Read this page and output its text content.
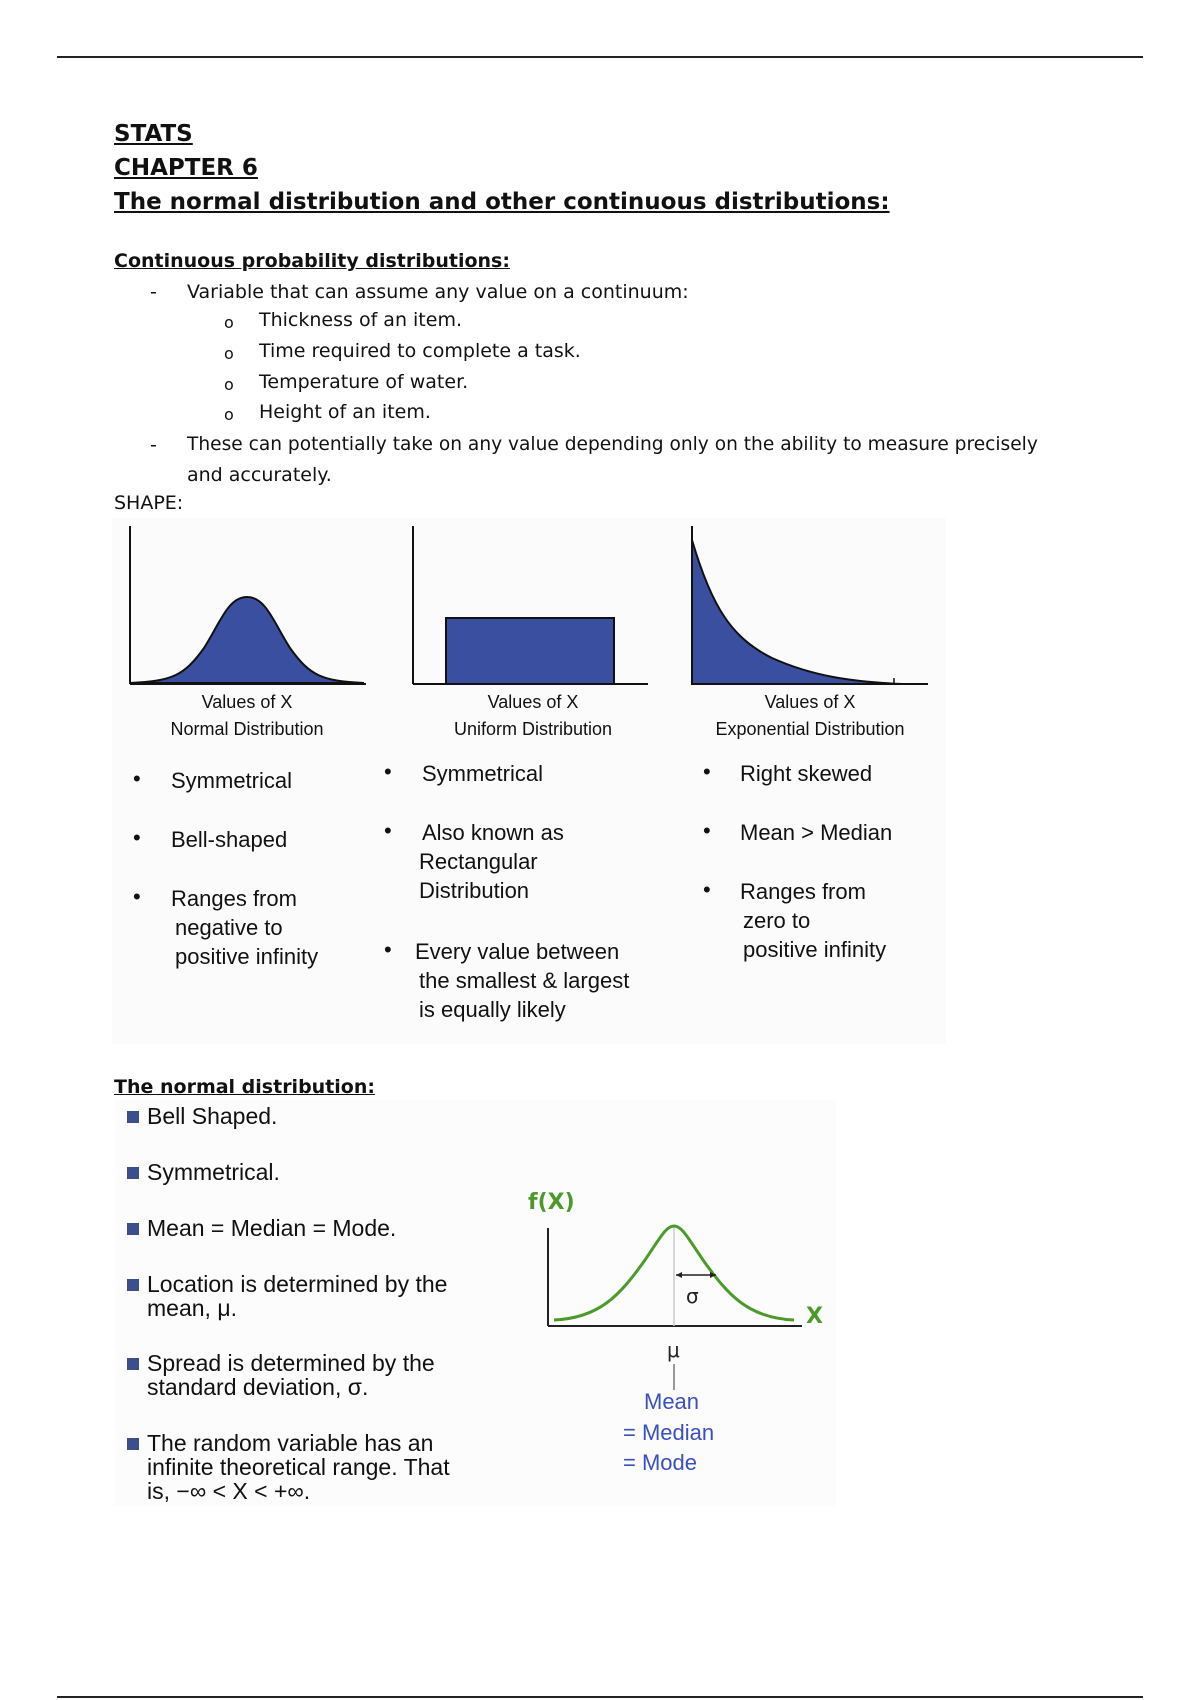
STATS
CHAPTER 6
The normal distribution and other continuous distributions:
Continuous probability distributions:
- Variable that can assume any value on a continuum:
o Thickness of an item.
o Time required to complete a task.
o Temperature of water.
o Height of an item.
- These can potentially take on any value depending only on the ability to measure precisely
and accurately.
SHAPE:
Values of X
Normal Distribution
Values of X
Uniform Distribution
Values of X
Exponential Distribution
• Symmetrical
• Bell-shaped
• Ranges from
negative to
positive infinity
• Symmetrical
• Also known as
Rectangular
Distribution
• Every value between
the smallest & largest
is equally likely
• Right skewed
• Mean > Median
• Ranges from
zero to
positive infinity
The normal distribution:
Bell Shaped.
Symmetrical.
Mean = Median = Mode.
Location is determined by the
mean, μ.
Spread is determined by the
standard deviation, σ.
The random variable has an
infinite theoretical range. That
is, −∞ < X < +∞.
f(X)
X
σ
μ
Mean
= Median
= Mode
